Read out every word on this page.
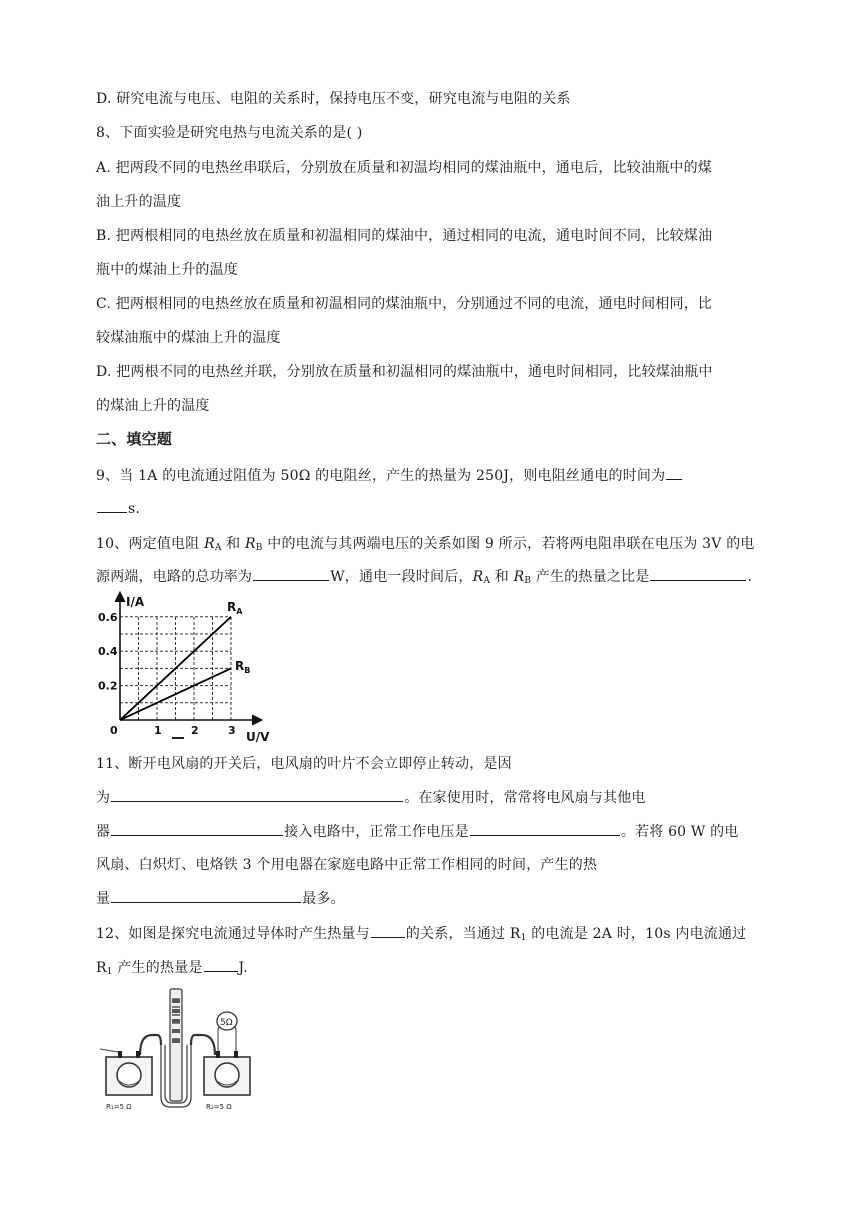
D. 研究电流与电压、电阻的关系时，保持电压不变，研究电流与电阻的关系
8、下面实验是研究电热与电流关系的是( )
A. 把两段不同的电热丝串联后，分别放在质量和初温均相同的煤油瓶中，通电后，比较油瓶中的煤
油上升的温度
B. 把两根相同的电热丝放在质量和初温相同的煤油中，通过相同的电流，通电时间不同，比较煤油
瓶中的煤油上升的温度
C. 把两根相同的电热丝放在质量和初温相同的煤油瓶中，分别通过不同的电流，通电时间相同，比
较煤油瓶中的煤油上升的温度
D. 把两根不同的电热丝并联，分别放在质量和初温相同的煤油瓶中，通电时间相同，比较煤油瓶中
的煤油上升的温度
二、填空题
9、当 1A 的电流通过阻值为 50Ω 的电阻丝，产生的热量为 250J，则电阻丝通电的时间为
s.
10、两定值电阻 $R_A$ 和 $R_B$ 中的电流与其两端电压的关系如图 9 所示，若将两电阻串联在电压为 3V 的电
源两端，电路的总功率为	W，通电一段时间后，$R_A$ 和 $R_B$ 产生的热量之比是	.
0.2
0.4
0.6
0	1	2	3
I/A
U/V
$R_A$
$R_B$
11、断开电风扇的开关后，电风扇的叶片不会立即停止转动，是因
为	。在家使用时，常常将电风扇与其他电
器	接入电路中，正常工作电压是	。若将 60 W 的电
风扇、白炽灯、电烙铁 3 个用电器在家庭电路中正常工作相同的时间，产生的热
量	最多。
12、如图是探究电流通过导体时产生热量与	的关系，当通过 $R_1$ 的电流是 2A 时，10s 内电流通过
$R_1$ 产生的热量是	J.
5Ω
R₁=5 Ω	R₂=5 Ω
